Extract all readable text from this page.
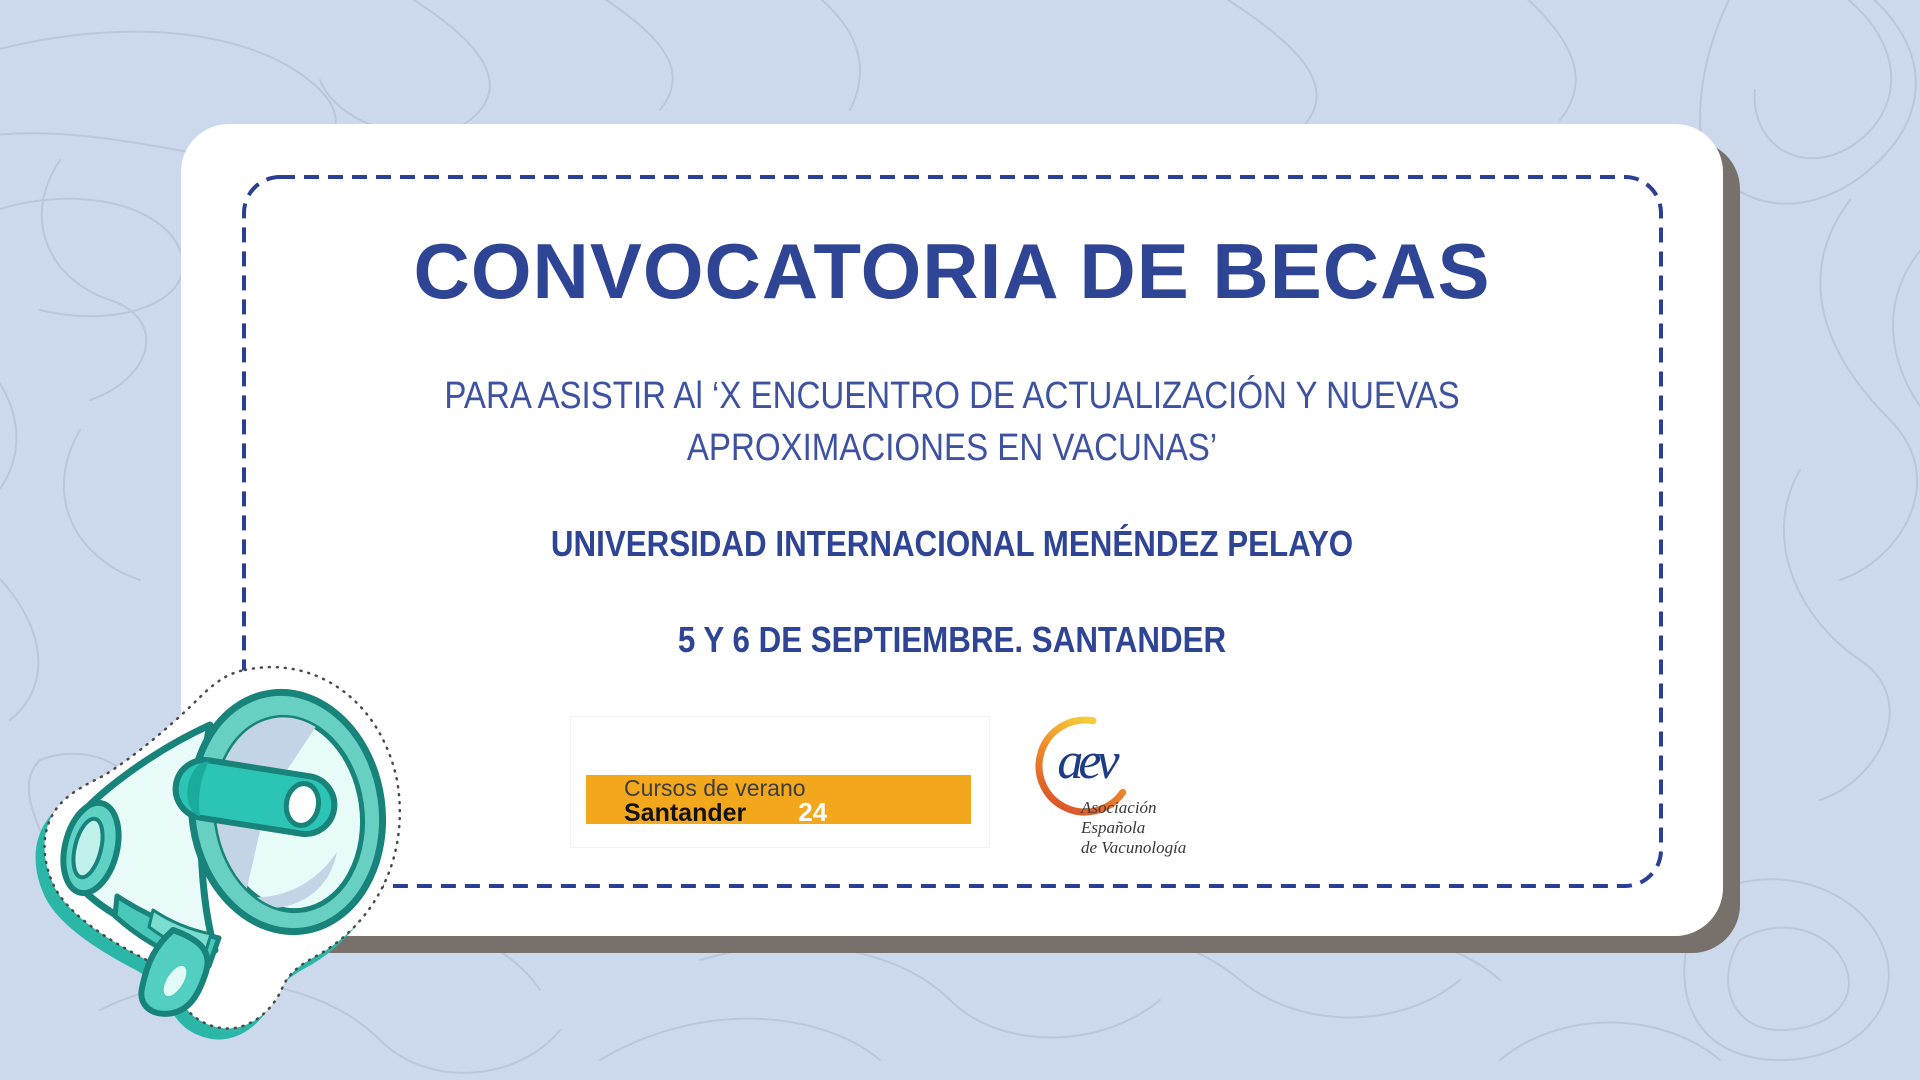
CONVOCATORIA DE BECAS
PARA ASISTIR Al ‘X ENCUENTRO DE ACTUALIZACIÓN Y NUEVAS
APROXIMACIONES EN VACUNAS’
UNIVERSIDAD INTERNACIONAL MENÉNDEZ PELAYO
5 Y 6 DE SEPTIEMBRE. SANTANDER
Cursos de verano
Santander 24
aev
Asociación
Española
de Vacunología
